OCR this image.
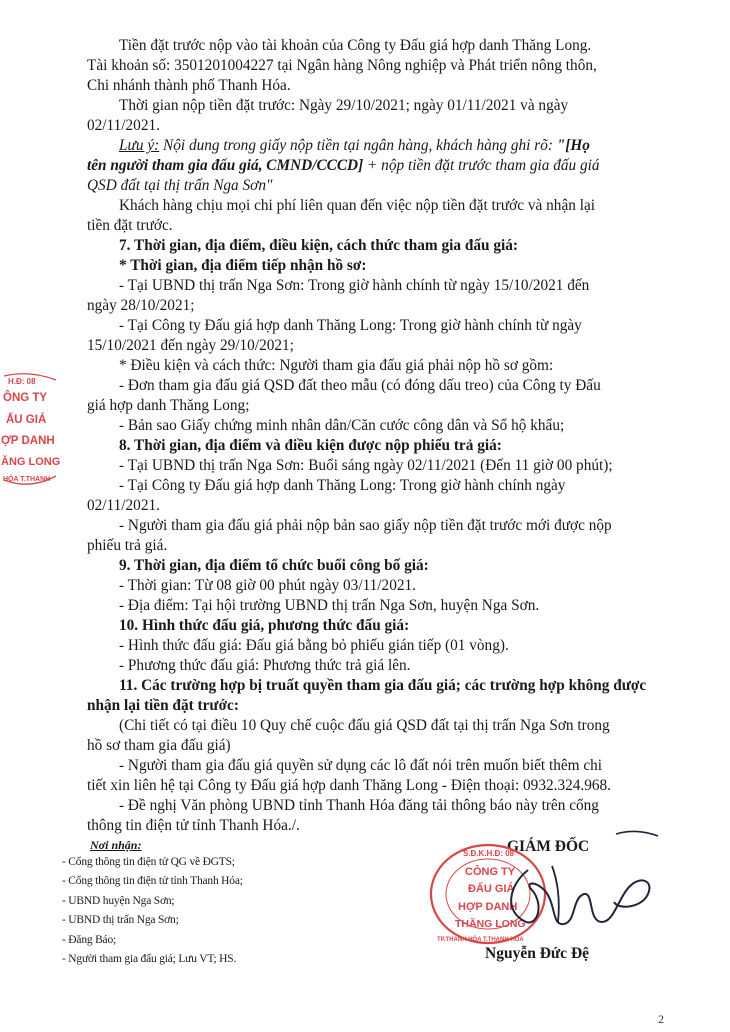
H.Đ: 08
ÔNG TY
ẤU GIÁ
ỢP DANH
ĂNG LONG
HÓA T.THANH
Tiền đặt trước nộp vào tài khoản của Công ty Đấu giá hợp danh Thăng Long.
Tài khoản số: 3501201004227 tại Ngân hàng Nông nghiệp và Phát triển nông thôn,
Chi nhánh thành phố Thanh Hóa.
Thời gian nộp tiền đặt trước: Ngày 29/10/2021; ngày 01/11/2021 và ngày
02/11/2021.
Lưu ý: Nội dung trong giấy nộp tiền tại ngân hàng, khách hàng ghi rõ: "[Họ
tên người tham gia đấu giá, CMND/CCCD] + nộp tiền đặt trước tham gia đấu giá
QSD đất tại thị trấn Nga Sơn"
Khách hàng chịu mọi chi phí liên quan đến việc nộp tiền đặt trước và nhận lại
tiền đặt trước.
7. Thời gian, địa điểm, điều kiện, cách thức tham gia đấu giá:
* Thời gian, địa điểm tiếp nhận hồ sơ:
- Tại UBND thị trấn Nga Sơn: Trong giờ hành chính từ ngày 15/10/2021 đến
ngày 28/10/2021;
- Tại Công ty Đấu giá hợp danh Thăng Long: Trong giờ hành chính từ ngày
15/10/2021 đến ngày 29/10/2021;
* Điều kiện và cách thức: Người tham gia đấu giá phải nộp hồ sơ gồm:
- Đơn tham gia đấu giá QSD đất theo mẫu (có đóng dấu treo) của Công ty Đấu
giá hợp danh Thăng Long;
- Bản sao Giấy chứng minh nhân dân/Căn cước công dân và Sổ hộ khẩu;
8. Thời gian, địa điểm và điều kiện được nộp phiếu trả giá:
- Tại UBND thị trấn Nga Sơn: Buổi sáng ngày 02/11/2021 (Đến 11 giờ 00 phút);
- Tại Công ty Đấu giá hợp danh Thăng Long: Trong giờ hành chính ngày
02/11/2021.
- Người tham gia đấu giá phải nộp bản sao giấy nộp tiền đặt trước mới được nộp
phiếu trả giá.
9. Thời gian, địa điểm tổ chức buổi công bố giá:
- Thời gian: Từ 08 giờ 00 phút ngày 03/11/2021.
- Địa điểm: Tại hội trường UBND thị trấn Nga Sơn, huyện Nga Sơn.
10. Hình thức đấu giá, phương thức đấu giá:
- Hình thức đấu giá: Đấu giá bằng bỏ phiếu gián tiếp (01 vòng).
- Phương thức đấu giá: Phương thức trả giá lên.
11. Các trường hợp bị truất quyền tham gia đấu giá; các trường hợp không được
nhận lại tiền đặt trước:
(Chi tiết có tại điều 10 Quy chế cuộc đấu giá QSD đất tại thị trấn Nga Sơn trong
hồ sơ tham gia đấu giá)
- Người tham gia đấu giá quyền sử dụng các lô đất nói trên muốn biết thêm chi
tiết xin liên hệ tại Công ty Đấu giá hợp danh Thăng Long - Điện thoại: 0932.324.968.
- Đề nghị Văn phòng UBND tỉnh Thanh Hóa đăng tải thông báo này trên cổng
thông tin điện tử tỉnh Thanh Hóa./.
Nơi nhận:
- Cổng thông tin điện tử QG về ĐGTS;
- Cổng thông tin điện tử tỉnh Thanh Hóa;
- UBND huyện Nga Sơn;
- UBND thị trấn Nga Sơn;
- Đăng Báo;
- Người tham gia đấu giá; Lưu VT; HS.
GIÁM ĐỐC
S.Đ.K.H.Đ: 08
CÔNG TY
ĐẤU GIÁ
HỢP DANH
THĂNG LONG
TP.THANH HÓA T.THANH HÓA
Nguyễn Đức Đệ
2
